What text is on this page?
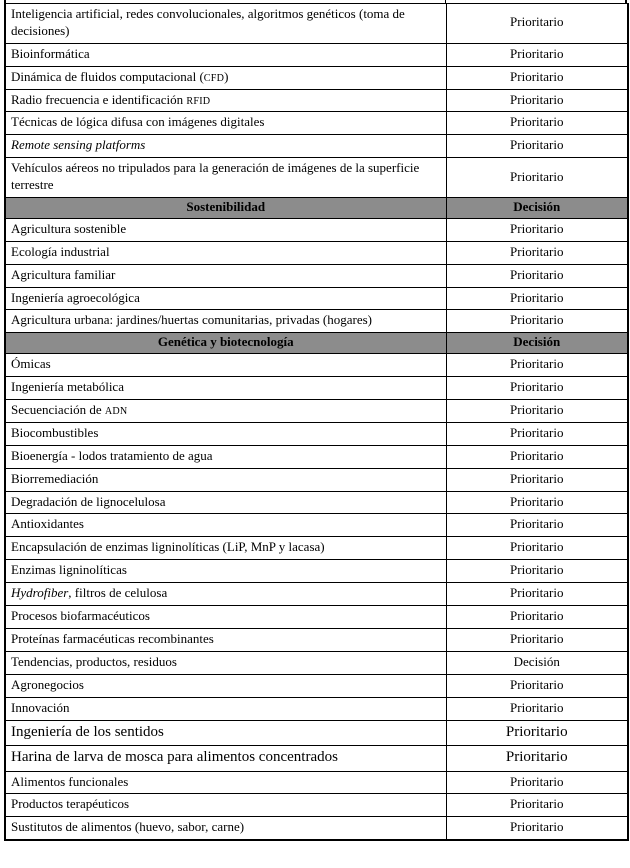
Inteligencia artificial, redes convolucionales, algoritmos genéticos (toma de decisiones)	Prioritario
Bioinformática	Prioritario
Dinámica de fluidos computacional (CFD)	Prioritario
Radio frecuencia e identificación RFID	Prioritario
Técnicas de lógica difusa con imágenes digitales	Prioritario
Remote sensing platforms	Prioritario
Vehículos aéreos no tripulados para la generación de imágenes de la superficie terrestre	Prioritario
Sostenibilidad	Decisión
Agricultura sostenible	Prioritario
Ecología industrial	Prioritario
Agricultura familiar	Prioritario
Ingeniería agroecológica	Prioritario
Agricultura urbana: jardines/huertas comunitarias, privadas (hogares)	Prioritario
Genética y biotecnología	Decisión
Ómicas	Prioritario
Ingeniería metabólica	Prioritario
Secuenciación de ADN	Prioritario
Biocombustibles	Prioritario
Bioenergía - lodos tratamiento de agua	Prioritario
Biorremediación	Prioritario
Degradación de lignocelulosa	Prioritario
Antioxidantes	Prioritario
Encapsulación de enzimas ligninolíticas (LiP, MnP y lacasa)	Prioritario
Enzimas ligninolíticas	Prioritario
Hydrofiber, filtros de celulosa	Prioritario
Procesos biofarmacéuticos	Prioritario
Proteínas farmacéuticas recombinantes	Prioritario
Tendencias, productos, residuos	Decisión
Agronegocios	Prioritario
Innovación	Prioritario
Ingeniería de los sentidos	Prioritario
Harina de larva de mosca para alimentos concentrados	Prioritario
Alimentos funcionales	Prioritario
Productos terapéuticos	Prioritario
Sustitutos de alimentos (huevo, sabor, carne)	Prioritario
